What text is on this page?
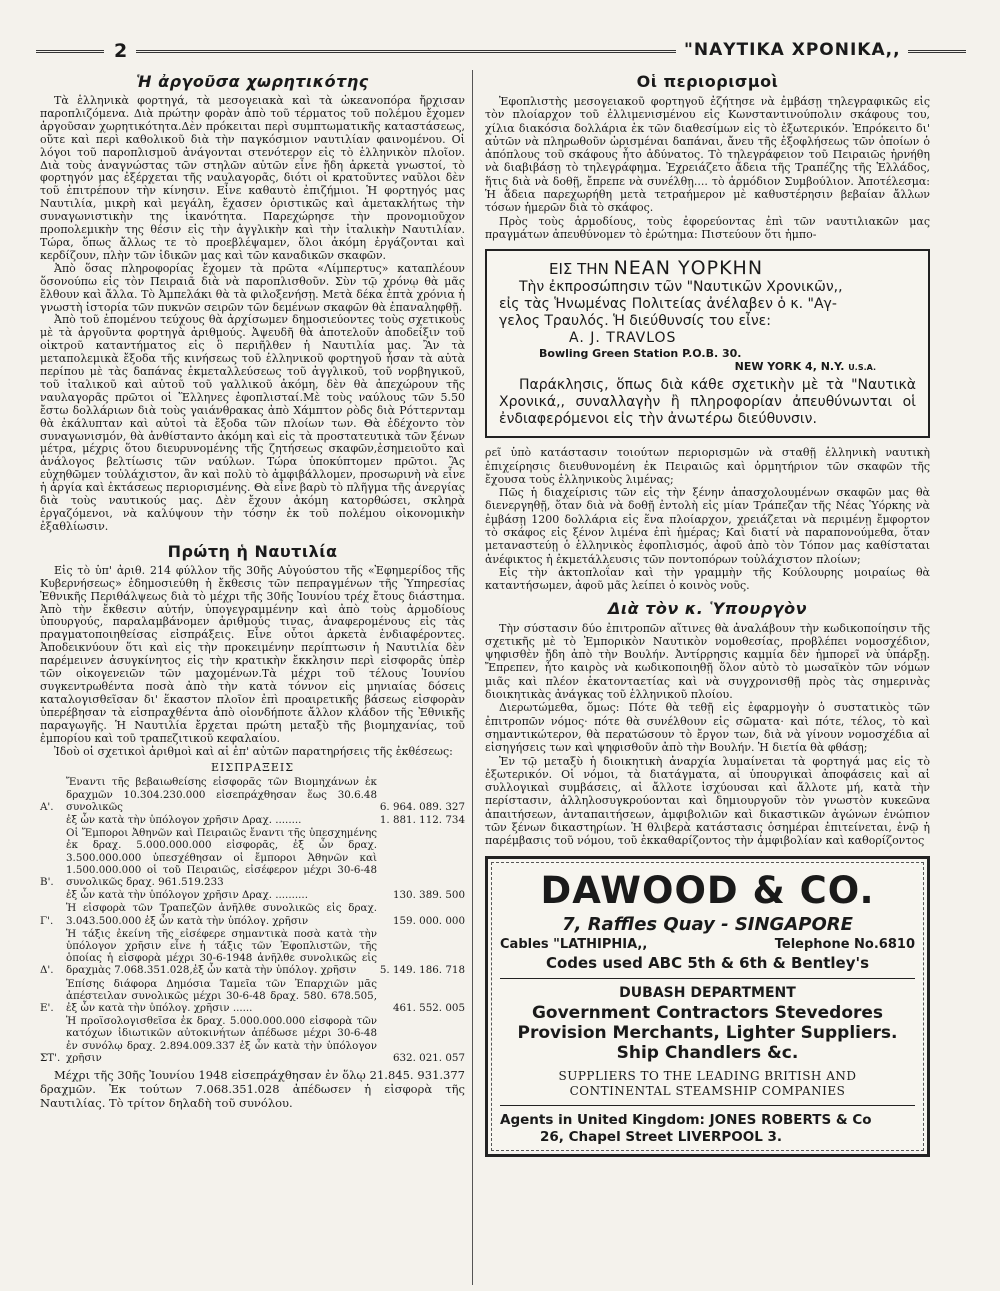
2	"ΝΑΥΤΙΚΑ ΧΡΟΝΙΚΑ,,
Ἡ ἀργοῦσα χωρητικότης

Τὰ ἑλληνικὰ φορτηγά, τὰ μεσογειακὰ καὶ τὰ ὠκεανοπόρα ἤρχισαν παροπλιζόμενα. Διὰ πρώτην φορὰν ἀπὸ τοῦ τέρματος τοῦ πολέμου ἔχομεν ἀργοῦσαν χωρητικότητα.Δὲν πρόκειται περὶ συμπτωματικῆς καταστάσεως, οὔτε καὶ περὶ καθολικοῦ διὰ τὴν παγκόσμιον ναυτιλίαν φαινομένου. Οἱ λόγοι τοῦ παροπλισμοῦ ἀνάγονται στενότερον εἰς τὸ ἑλληνικὸν πλοῖον. Διὰ τοὺς ἀναγνώστας τῶν στηλῶν αὐτῶν εἶνε ἤδη ἀρκετὰ γνωστοί, τὸ φορτηγόν μας ἐξέρχεται τῆς ναυλαγορᾶς, διότι οἱ κρατοῦντες ναῦλοι δὲν τοῦ ἐπιτρέπουν τὴν κίνησιν. Εἶνε καθαυτὸ ἐπιζήμιοι. Ἡ φορτηγός μας Ναυτιλία, μικρὴ καὶ μεγάλη, ἔχασεν ὁριστικῶς καὶ ἀμετακλήτως τὴν συναγωνιστικὴν της ἱκανότητα. Παρεχώρησε τὴν προνομιοῦχον προπολεμικὴν της θέσιν εἰς τὴν ἀγγλικὴν καὶ τὴν ἰταλικὴν Ναυτιλίαν. Τώρα, ὅπως ἄλλως τε τὸ προεβλέψαμεν, ὅλοι ἀκόμη ἐργάζονται καὶ κερδίζουν, πλὴν τῶν ἰδικῶν μας καὶ τῶν καναδικῶν σκαφῶν.

Ἀπὸ ὅσας πληροφορίας ἔχομεν τὰ πρῶτα «Λίμπερτυς» καταπλέουν ὅσονούπω εἰς τὸν Πειραιᾶ διὰ νὰ παροπλισθοῦν. Σὺν τῷ χρόνῳ θὰ μᾶς ἔλθουν καὶ ἄλλα. Τὸ Ἀμπελάκι θὰ τὰ φιλοξενήσῃ. Μετὰ δέκα ἑπτὰ χρόνια ἡ γνωστὴ ἱστορία τῶν πυκνῶν σειρῶν τῶν δεμένων σκαφῶν θὰ ἐπαναληφθῇ.

Ἀπὸ τοῦ ἐπομένου τεύχους θὰ ἀρχίσωμεν δημοσιεύοντες τοὺς σχετικοὺς μὲ τὰ ἀργοῦντα φορτηγὰ ἀριθμούς. Ἀψευδῆ θὰ ἀποτελοῦν ἀποδείξιν τοῦ οἰκτροῦ καταντήματος εἰς ὃ περιῆλθεν ἡ Ναυτιλία μας. Ἂν τὰ μεταπολεμικὰ ἔξοδα τῆς κινήσεως τοῦ ἑλληνικοῦ φορτηγοῦ ἦσαν τὰ αὐτὰ περίπου μὲ τὰς δαπάνας ἐκμεταλλεύσεως τοῦ ἀγγλικοῦ, τοῦ νορβηγικοῦ, τοῦ ἰταλικοῦ καὶ αὐτοῦ τοῦ γαλλικοῦ ἀκόμη, δὲν θὰ ἀπεχώρουν τῆς ναυλαγορᾶς πρῶτοι οἱ Ἕλληνες ἐφοπλισταί.Μὲ τοὺς ναύλους τῶν 5.50 ἔστω δολλάριων διὰ τοὺς γαιάνθρακας ἀπὸ Χάμπτον ρὸδς διὰ Ρόττερνταμ θὰ ἐκάλυπταν καὶ αὐτοὶ τὰ ἔξοδα τῶν πλοίων των. Θὰ ἐδέχοντο τὸν συναγωνισμόν, θὰ ἀνθίσταντο ἀκόμη καὶ εἰς τὰ προστατευτικὰ τῶν ξένων μέτρα, μέχρις ὅτου διευρυνομένης τῆς ζητήσεως σκαφῶν,ἐσημειοῦτο καὶ ἀνάλογος βελτίωσις τῶν ναύλων. Τώρα ὑποκύπτομεν πρῶτοι. Ἂς εὐχηθῶμεν τοὐλάχιστον, ἂν καὶ πολὺ τὸ ἀμφιβάλλομεν, προσωρινὴ νὰ εἶνε ἡ ἀργία καὶ ἐκτάσεως περιορισμένης. Θὰ εἶνε βαρὺ τὸ πλῆγμα τῆς ἀνεργίας διὰ τοὺς ναυτικούς μας. Δὲν ἔχουν ἀκόμη κατορθώσει, σκληρὰ ἐργαζόμενοι, νὰ καλύψουν τὴν τόσην ἐκ τοῦ πολέμου οἰκονομικὴν ἐξαθλίωσιν.

Πρώτη ἡ Ναυτιλία

Εἰς τὸ ὑπ' ἀριθ. 214 φύλλον τῆς 30ῆς Αὐγούστου τῆς «Ἐφημερίδος τῆς Κυβερνήσεως» ἐδημοσιεύθη ἡ ἔκθεσις τῶν πεπραγμένων τῆς Ὑπηρεσίας Ἐθνικῆς Περιθάλψεως διὰ τὸ μέχρι τῆς 30ῆς Ἰουνίου τρέχ ἔτους διάστημα. Ἀπὸ τὴν ἔκθεσιν αὐτήν, ὑπογεγραμμένην καὶ ἀπὸ τοὺς ἁρμοδίους ὑπουργούς, παραλαμβάνομεν ἀριθμούς τινας, ἀναφερομένους εἰς τὰς πραγματοποιηθείσας εἰσπράξεις. Εἶνε οὗτοι ἀρκετὰ ἐνδιαφέροντες. Ἀποδεικνύουν ὅτι καὶ εἰς τὴν προκειμένην περίπτωσιν ἡ Ναυτιλία δὲν παρέμεινεν ἀσυγκίνητος εἰς τὴν κρατικὴν ἔκκλησιν περὶ εἰσφορᾶς ὑπὲρ τῶν οἰκογενειῶν τῶν μαχομένων.Τὰ μέχρι τοῦ τέλους Ἰουνίου συγκεντρωθέντα ποσὰ ἀπὸ τὴν κατὰ τόννον εἰς μηνιαίας δόσεις καταλογισθεῖσαν δι' ἕκαστον πλοῖον ἐπὶ προαιρετικῆς βάσεως εἰσφορὰν ὑπερέβησαν τὰ εἰσπραχθέντα ἀπὸ οἱονδήποτε ἄλλον κλάδον τῆς Ἐθνικῆς παραγωγῆς. Ἡ Ναυτιλία ἔρχεται πρώτη μεταξὺ τῆς βιομηχανίας, τοῦ ἐμπορίου καὶ τοῦ τραπεζιτικοῦ κεφαλαίου.

Ἰδοὺ οἱ σχετικοὶ ἀριθμοὶ καὶ αἱ ἐπ' αὐτῶν παρατηρήσεις τῆς ἐκθέσεως:

ΕΙΣΠΡΑΞΕΙΣ
Α'.
Ἔναντι τῆς βεβαιωθείσης εἰσφορᾶς τῶν Βιομηχάνων ἐκ δραχμῶν 10.304.230.000 εἰσεπράχθησαν ἕως 30.6.48 συνολικῶς	6. 964. 089. 327
ἐξ ὧν κατὰ τὴν ὑπόλογον χρῆσιν Δραχ. ........	1. 881. 112. 734
Β'.
Οἱ Ἔμποροι Ἀθηνῶν καὶ Πειραιῶς ἔναντι τῆς ὑπεσχημένης ἐκ δραχ. 5.000.000.000 εἰσφορᾶς, ἐξ ὧν δραχ. 3.500.000.000 ὑπεσχέθησαν οἱ ἔμποροι Ἀθηνῶν καὶ 1.500.000.000 οἱ τοῦ Πειραιῶς, εἰσέφερον μέχρι 30-6-48 συνολικῶς δραχ. 961.519.233
ἐξ ὧν κατὰ τὴν ὑπόλογον χρῆσιν Δραχ. ..........	130. 389. 500
Γ'.
Ἡ εἰσφορὰ τῶν Τραπεζῶν ἀνῆλθε συνολικῶς εἰς δραχ. 3.043.500.000 ἐξ ὧν κατὰ τὴν ὑπόλογ. χρῆσιν	159. 000. 000
Δ'.
Ἡ τάξις ἐκείνη τῆς εἰσέφερε σημαντικὰ ποσὰ κατὰ τὴν ὑπόλογον χρῆσιν εἶνε ἡ τάξις τῶν Ἐφοπλιστῶν, τῆς ὁποίας ἡ εἰσφορὰ μέχρι 30-6-1948 ἀνῆλθε συνολικῶς εἰς δραχμὰς 7.068.351.028,ἐξ ὧν κατὰ τὴν ὑπόλογ. χρῆσιν	5. 149. 186. 718
Ε'.
Ἐπίσης διάφορα Δημόσια Ταμεῖα τῶν Ἐπαρχιῶν μᾶς ἀπέστειλαν συνολικῶς μέχρι 30-6-48 δραχ. 580. 678.505, ἐξ ὧν κατὰ τὴν ὑπόλογ. χρῆσιν ......	461. 552. 005
ΣΤ'.
Ἡ προϊσολογισθεῖσα ἐκ δραχ. 5.000.000.000 εἰσφορὰ τῶν κατόχων ἰδιωτικῶν αὐτοκινήτων ἀπέδωσε μέχρι 30-6-48 ἐν συνόλῳ δραχ. 2.894.009.337 ἐξ ὧν κατὰ τὴν ὑπόλογον χρῆσιν	632. 021. 057

Μέχρι τῆς 30ῆς Ἰουνίου 1948 εἰσεπράχθησαν ἐν ὅλῳ 21.845. 931.377 δραχμῶν. Ἐκ τούτων 7.068.351.028 ἀπέδωσεν ἡ εἰσφορὰ τῆς Ναυτιλίας. Τὸ τρίτον δηλαδὴ τοῦ συνόλου.

Οἱ περιορισμοὶ

Ἐφοπλιστὴς μεσογειακοῦ φορτηγοῦ ἐζήτησε νὰ ἐμβάσῃ τηλεγραφικῶς εἰς τὸν πλοίαρχον τοῦ ἐλλιμενισμένου εἰς Κωνσταντινούπολιν σκάφους του, χίλια διακόσια δολλάρια ἐκ τῶν διαθεσίμων εἰς τὸ ἐξωτερικόν. Ἐπρόκειτο δι' αὐτῶν νὰ πληρωθοῦν ὡρισμέναι δαπάναι, ἄνευ τῆς ἐξοφλήσεως τῶν ὁποίων ὁ ἀπόπλους τοῦ σκάφους ἦτο ἀδύνατος. Τὸ τηλεγράφειον τοῦ Πειραιῶς ἠρνήθη νὰ διαβιβάσῃ τὸ τηλεγράφημα. Ἐχρειάζετο ἄδεια τῆς Τραπέζης τῆς Ἑλλάδος, ἥτις διὰ νὰ δοθῇ, ἔπρεπε νὰ συνέλθῃ.... τὸ ἁρμόδιον Συμβούλιον. Ἀποτέλεσμα: Ἡ ἄδεια παρεχωρήθη μετὰ τετραήμερον μὲ καθυστέρησιν βεβαίαν ἄλλων τόσων ἡμερῶν διὰ τὸ σκάφος.

Πρὸς τοὺς ἁρμοδίους, τοὺς ἐφορεύοντας ἐπὶ τῶν ναυτιλιακῶν μας πραγμάτων ἀπευθύνομεν τὸ ἐρώτημα: Πιστεύουν ὅτι ἡμπο-

ΕΙΣ ΤΗΝ ΝΕΑΝ ΥΟΡΚΗΝ
Τὴν ἐκπροσώπησιν τῶν "Ναυτικῶν Χρονικῶν,,
εἰς τὰς Ἡνωμένας Πολιτείας ἀνέλαβεν ὁ κ. "Αγ-
γελος Τραυλός. Ἡ διεύθυνσίς του εἶνε:
A. J. TRAVLOS
Bowling Green Station P.O.B. 30.
NEW YORK 4, N.Y. U.S.A.
Παράκλησις, ὅπως διὰ κάθε σχετικὴν μὲ τὰ "Ναυτικὰ Χρονικά,, συναλλαγὴν ἢ πληροφορίαν ἀπευθύνωνται οἱ ἐνδιαφερόμενοι εἰς τὴν ἀνωτέρω διεύθυνσιν.

ρεῖ ὑπὸ κατάστασιν τοιούτων περιορισμῶν νὰ σταθῇ ἑλληνικὴ ναυτικὴ ἐπιχείρησις διευθυνομένη ἐκ Πειραιῶς καὶ ὁρμητήριον τῶν σκαφῶν τῆς ἔχουσα τοὺς ἑλληνικοὺς λιμένας;

Πῶς ἡ διαχείρισις τῶν εἰς τὴν ξένην ἀπασχολουμένων σκαφῶν μας θὰ διενεργηθῇ, ὅταν διὰ νὰ δοθῇ ἐντολὴ εἰς μίαν Τράπεζαν τῆς Νέας Ὑόρκης νὰ ἐμβάσῃ 1200 δολλάρια εἰς ἕνα πλοίαρχον, χρειάζεται νὰ περιμένῃ ἔμφορτον τὸ σκάφος εἰς ξένον λιμένα ἐπὶ ἡμέρας; Καὶ διατί νὰ παραπονούμεθα, ὅταν μεταναστεύῃ ὁ ἑλληνικὸς ἐφοπλισμός, ἀφοῦ ἀπὸ τὸν Τόπον μας καθίσταται ἀνέφικτος ἡ ἐκμετάλλευσις τῶν ποντοπόρων τοὐλάχιστον πλοίων;

Εἰς τὴν ἀκτοπλοΐαν καὶ τὴν γραμμὴν τῆς Κούλουρης μοιραίως θὰ καταντήσωμεν, ἀφοῦ μᾶς λείπει ὁ κοινὸς νοῦς.

Διὰ τὸν κ. Ὑπουργὸν

Τὴν σύστασιν δύο ἐπιτροπῶν αἵτινες θὰ ἀναλάβουν τὴν κωδικοποίησιν τῆς σχετικῆς μὲ τὸ Ἐμπορικὸν Ναυτικὸν νομοθεσίας, προβλέπει νομοσχέδιον, ψηφισθὲν ἤδη ἀπὸ τὴν Βουλήν. Ἀντίρρησις καμμία δὲν ἠμπορεῖ νὰ ὑπάρξῃ. Ἔπρεπεν, ἦτο καιρὸς νὰ κωδικοποιηθῇ ὅλον αὐτὸ τὸ μωσαϊκὸν τῶν νόμων μιᾶς καὶ πλέον ἑκατονταετίας καὶ νὰ συγχρονισθῇ πρὸς τὰς σημερινὰς διοικητικὰς ἀνάγκας τοῦ ἑλληνικοῦ πλοίου.

Διερωτώμεθα, ὅμως: Πότε θὰ τεθῇ εἰς ἐφαρμογὴν ὁ συστατικὸς τῶν ἐπιτροπῶν νόμος· πότε θὰ συνέλθουν εἰς σῶματα· καὶ πότε, τέλος, τὸ καὶ σημαντικώτερον, θὰ περατώσουν τὸ ἔργον των, διὰ νὰ γίνουν νομοσχέδια αἱ εἰσηγήσεις των καὶ ψηφισθοῦν ἀπὸ τὴν Βουλήν. Ἡ διετία θὰ φθάσῃ;

Ἐν τῷ μεταξὺ ἡ διοικητικὴ ἀναρχία λυμαίνεται τὰ φορτηγά μας εἰς τὸ ἐξωτερικόν. Οἱ νόμοι, τὰ διατάγματα, αἱ ὑπουργικαὶ ἀποφάσεις καὶ αἱ συλλογικαὶ συμβάσεις, αἱ ἄλλοτε ἰσχύουσαι καὶ ἄλλοτε μή, κατὰ τὴν περίστασιν, ἀλληλοσυγκρούονται καὶ δημιουργοῦν τὸν γνωστὸν κυκεῶνα ἀπαιτήσεων, ἀνταπαιτήσεων, ἀμφιβολιῶν καὶ δικαστικῶν ἀγώνων ἐνώπιον τῶν ξένων δικαστηρίων. Ἡ θλιβερὰ κατάστασις ὁσημέραι ἐπιτείνεται, ἐνῷ ἡ παρέμβασις τοῦ νόμου, τοῦ ἐκκαθαρίζοντος τὴν ἀμφιβολίαν καὶ καθορίζοντος

DAWOOD & CO.
7, Raffles Quay - SINGAPORE
Cables "LATHIPHIA,,	Telephone No.6810
Codes used ABC 5th & 6th & Bentley's
DUBASH DEPARTMENT
Government Contractors Stevedores
Provision Merchants, Lighter Suppliers.
Ship Chandlers &c.
SUPPLIERS TO THE LEADING BRITISH AND
CONTINENTAL STEAMSHIP COMPANIES
Agents in United Kingdom: JONES ROBERTS & Co
26, Chapel Street LIVERPOOL 3.
